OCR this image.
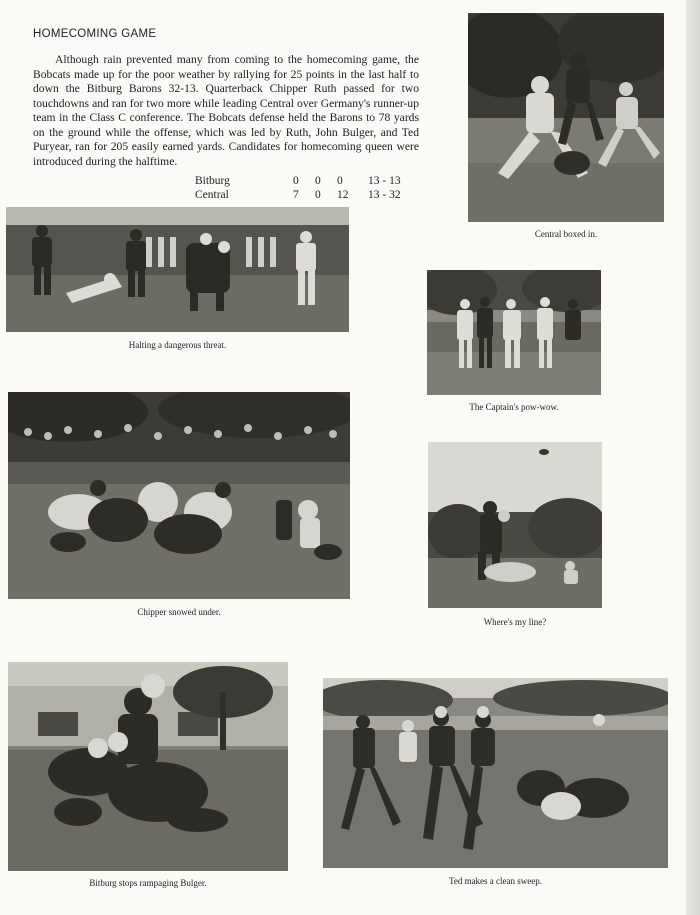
HOMECOMING GAME

Although rain prevented many from coming to the homecoming game, the Bobcats made up for the poor weather by rallying for 25 points in the last half to down the Bitburg Barons 32-13. Quarterback Chipper Ruth passed for two touchdowns and ran for two more while leading Central over Germany's runner-up team in the Class C conference. The Bobcats defense held the Barons to 78 yards on the ground while the offense, which was led by Ruth, John Bulger, and Ted Puryear, ran for 205 easily earned yards. Candidates for homecoming queen were introduced during the halftime.

Bitburg	0	0	0	13 - 13
Central	7	0	12	13 - 32
Central boxed in.
Halting a dangerous threat.
The Captain's pow-wow.
Chipper snowed under.
Where's my line?
Bitburg stops rampaging Bulger.	Ted makes a clean sweep.
